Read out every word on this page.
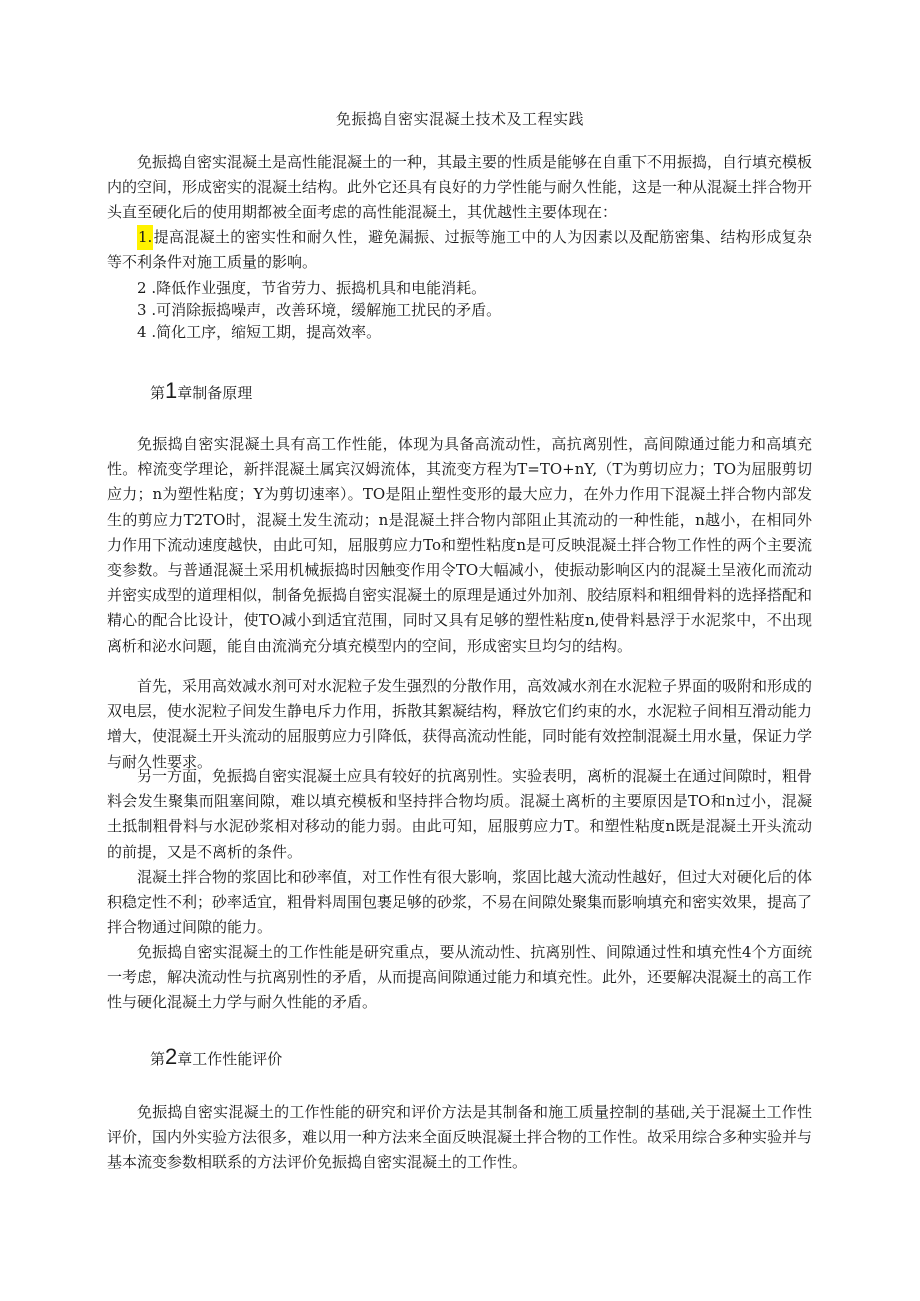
免振捣自密实混凝土技术及工程实践

免振捣自密实混凝土是高性能混凝土的一种，其最主要的性质是能够在自重下不用振捣，自行填充模板内的空间，形成密实的混凝土结构。此外它还具有良好的力学性能与耐久性能，这是一种从混凝土拌合物开头直至硬化后的使用期都被全面考虑的高性能混凝土，其优越性主要体现在：

1.提高混凝土的密实性和耐久性，避免漏振、过振等施工中的人为因素以及配筋密集、结构形成复杂等不利条件对施工质量的影响。

2 .降低作业强度，节省劳力、振捣机具和电能消耗。

3 .可消除振捣噪声，改善环境，缓解施工扰民的矛盾。

4 .简化工序，缩短工期，提高效率。

第1章制备原理

免振捣自密实混凝土具有高工作性能，体现为具备高流动性，高抗离别性，高间隙通过能力和高填充性。榨流变学理论，新拌混凝土属宾汉姆流体，其流变方程为T=TO+nY,（T为剪切应力；TO为屈服剪切应力；n为塑性粘度；Y为剪切速率）。TO是阻止塑性变形的最大应力，在外力作用下混凝土拌合物内部发生的剪应力T2TO时，混凝土发生流动；n是混凝土拌合物内部阻止其流动的一种性能，n越小，在相同外力作用下流动速度越快，由此可知，屈服剪应力To和塑性粘度n是可反映混凝土拌合物工作性的两个主要流变参数。与普通混凝土采用机械振捣时因触变作用令TO大幅减小，使振动影响区内的混凝土呈液化而流动并密实成型的道理相似，制备免振捣自密实混凝土的原理是通过外加剂、胶结原料和粗细骨料的选择搭配和精心的配合比设计，使TO减小到适宜范围，同时又具有足够的塑性粘度n,使骨料悬浮于水泥浆中，不出现离析和泌水问题，能自由流淌充分填充模型内的空间，形成密实旦均匀的结构。

首先，采用高效减水剂可对水泥粒子发生强烈的分散作用，高效减水剂在水泥粒子界面的吸附和形成的双电层，使水泥粒子间发生静电斥力作用，拆散其絮凝结构，释放它们约束的水，水泥粒子间相互滑动能力增大，使混凝土开头流动的屈服剪应力引降低，获得高流动性能，同时能有效控制混凝土用水量，保证力学与耐久性要求。

另一方面，免振捣自密实混凝土应具有较好的抗离别性。实验表明，离析的混凝土在通过间隙时，粗骨料会发生聚集而阻塞间隙，难以填充模板和坚持拌合物均质。混凝土离析的主要原因是TO和n过小，混凝土抵制粗骨料与水泥砂浆相对移动的能力弱。由此可知，屈服剪应力T。和塑性粘度n既是混凝土开头流动的前提，又是不离析的条件。

混凝土拌合物的浆固比和砂率值，对工作性有很大影响，浆固比越大流动性越好，但过大对硬化后的体积稳定性不利；砂率适宜，粗骨料周围包裹足够的砂浆，不易在间隙处聚集而影响填充和密实效果，提高了拌合物通过间隙的能力。

免振捣自密实混凝土的工作性能是研究重点，要从流动性、抗离别性、间隙通过性和填充性4个方面统一考虑，解决流动性与抗离别性的矛盾，从而提高间隙通过能力和填充性。此外，还要解决混凝土的高工作性与硬化混凝土力学与耐久性能的矛盾。

第2章工作性能评价

免振捣自密实混凝土的工作性能的研究和评价方法是其制备和施工质量控制的基础,关于混凝土工作性评价，国内外实验方法很多，难以用一种方法来全面反映混凝土拌合物的工作性。故采用综合多种实验并与基本流变参数相联系的方法评价免振捣自密实混凝土的工作性。
